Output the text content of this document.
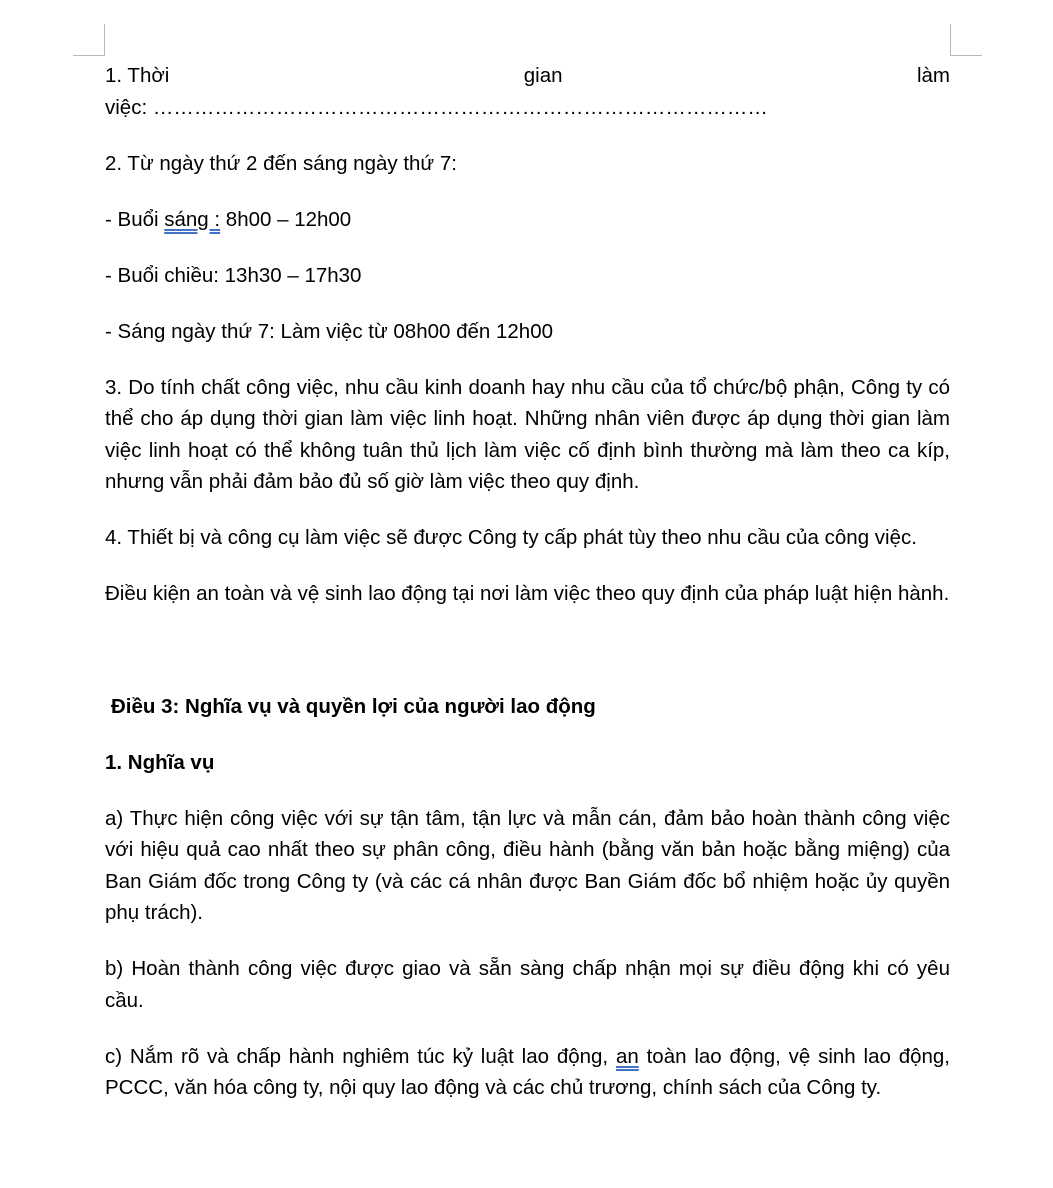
1. Thời	gian	làm

việc: ………………………………………………………………………………

2. Từ ngày thứ 2 đến sáng ngày thứ 7:

- Buổi sáng : 8h00 – 12h00

- Buổi chiều: 13h30 – 17h30

- Sáng ngày thứ 7: Làm việc từ 08h00 đến 12h00

3. Do tính chất công việc, nhu cầu kinh doanh hay nhu cầu của tổ chức/bộ phận, Công ty có thể cho áp dụng thời gian làm việc linh hoạt. Những nhân viên được áp dụng thời gian làm việc linh hoạt có thể không tuân thủ lịch làm việc cố định bình thường mà làm theo ca kíp, nhưng vẫn phải đảm bảo đủ số giờ làm việc theo quy định.

4. Thiết bị và công cụ làm việc sẽ được Công ty cấp phát tùy theo nhu cầu của công việc.

Điều kiện an toàn và vệ sinh lao động tại nơi làm việc theo quy định của pháp luật hiện hành.

Điều 3: Nghĩa vụ và quyền lợi của người lao động

1. Nghĩa vụ

a) Thực hiện công việc với sự tận tâm, tận lực và mẫn cán, đảm bảo hoàn thành công việc với hiệu quả cao nhất theo sự phân công, điều hành (bằng văn bản hoặc bằng miệng) của Ban Giám đốc trong Công ty (và các cá nhân được Ban Giám đốc bổ nhiệm hoặc ủy quyền phụ trách).

b) Hoàn thành công việc được giao và sẵn sàng chấp nhận mọi sự điều động khi có yêu cầu.

c) Nắm rõ và chấp hành nghiêm túc kỷ luật lao động, an toàn lao động, vệ sinh lao động, PCCC, văn hóa công ty, nội quy lao động và các chủ trương, chính sách của Công ty.
